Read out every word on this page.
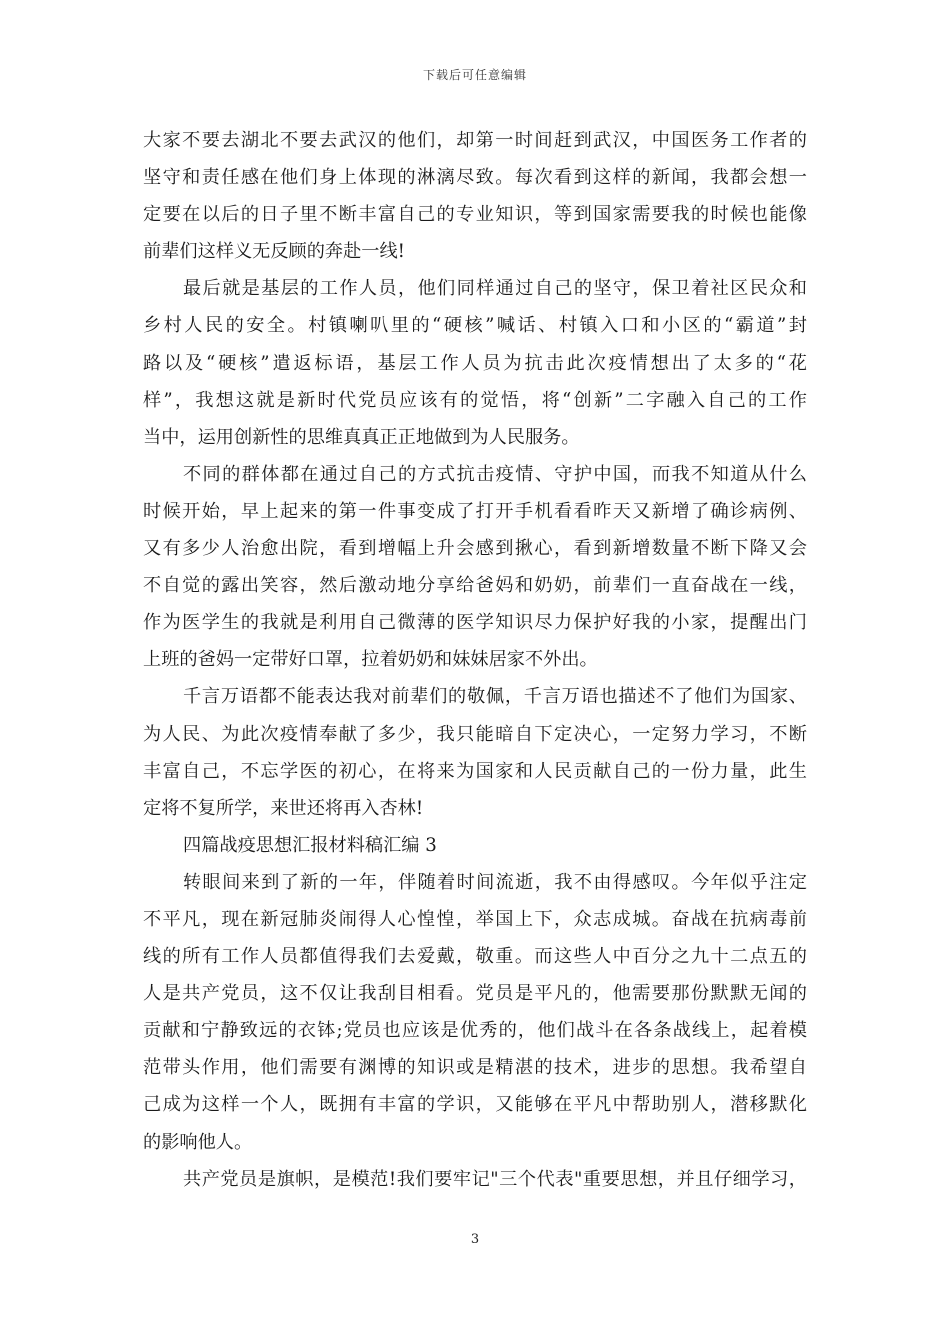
下载后可任意编辑
大家不要去湖北不要去武汉的他们，却第一时间赶到武汉，中国医务工作者的
坚守和责任感在他们身上体现的淋漓尽致。每次看到这样的新闻，我都会想一
定要在以后的日子里不断丰富自己的专业知识，等到国家需要我的时候也能像
前辈们这样义无反顾的奔赴一线!
最后就是基层的工作人员，他们同样通过自己的坚守，保卫着社区民众和
乡村人民的安全。村镇喇叭里的“硬核”喊话、村镇入口和小区的“霸道”封
路以及“硬核”遣返标语，基层工作人员为抗击此次疫情想出了太多的“花
样”，我想这就是新时代党员应该有的觉悟，将“创新”二字融入自己的工作
当中，运用创新性的思维真真正正地做到为人民服务。
不同的群体都在通过自己的方式抗击疫情、守护中国，而我不知道从什么
时候开始，早上起来的第一件事变成了打开手机看看昨天又新增了确诊病例、
又有多少人治愈出院，看到增幅上升会感到揪心，看到新增数量不断下降又会
不自觉的露出笑容，然后激动地分享给爸妈和奶奶，前辈们一直奋战在一线，
作为医学生的我就是利用自己微薄的医学知识尽力保护好我的小家，提醒出门
上班的爸妈一定带好口罩，拉着奶奶和妹妹居家不外出。
千言万语都不能表达我对前辈们的敬佩，千言万语也描述不了他们为国家、
为人民、为此次疫情奉献了多少，我只能暗自下定决心，一定努力学习，不断
丰富自己，不忘学医的初心，在将来为国家和人民贡献自己的一份力量，此生
定将不复所学，来世还将再入杏林!
四篇战疫思想汇报材料稿汇编 3
转眼间来到了新的一年，伴随着时间流逝，我不由得感叹。今年似乎注定
不平凡，现在新冠肺炎闹得人心惶惶，举国上下，众志成城。奋战在抗病毒前
线的所有工作人员都值得我们去爱戴，敬重。而这些人中百分之九十二点五的
人是共产党员，这不仅让我刮目相看。党员是平凡的，他需要那份默默无闻的
贡献和宁静致远的衣钵;党员也应该是优秀的，他们战斗在各条战线上，起着模
范带头作用，他们需要有渊博的知识或是精湛的技术，进步的思想。我希望自
己成为这样一个人，既拥有丰富的学识，又能够在平凡中帮助别人，潜移默化
的影响他人。
共产党员是旗帜，是模范!我们要牢记"三个代表"重要思想，并且仔细学习，
3
